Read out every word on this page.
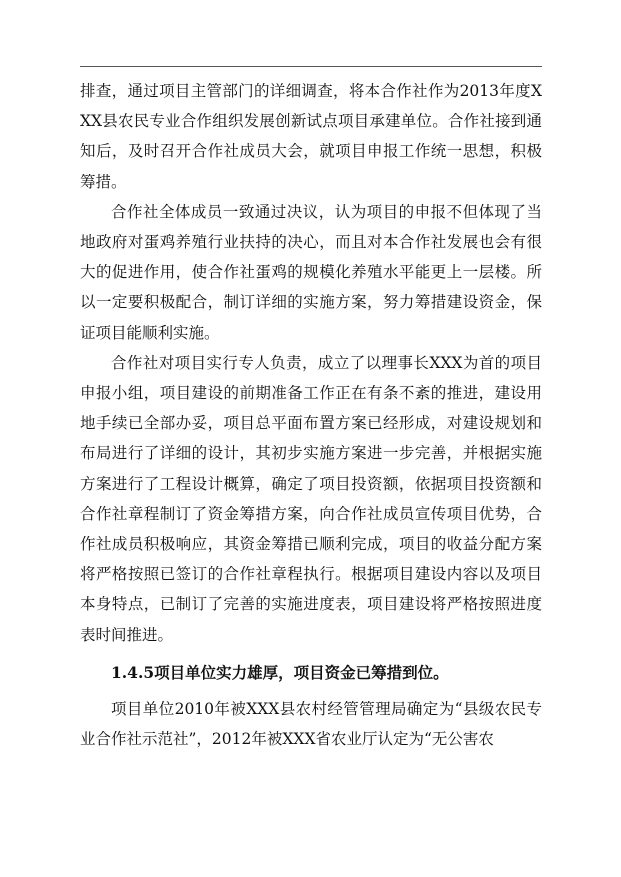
排查，通过项目主管部门的详细调查，将本合作社作为2013年度XXX县农民专业合作组织发展创新试点项目承建单位。合作社接到通知后，及时召开合作社成员大会，就项目申报工作统一思想，积极筹措。

合作社全体成员一致通过决议，认为项目的申报不但体现了当地政府对蛋鸡养殖行业扶持的决心，而且对本合作社发展也会有很大的促进作用，使合作社蛋鸡的规模化养殖水平能更上一层楼。所以一定要积极配合，制订详细的实施方案，努力筹措建设资金，保证项目能顺利实施。

合作社对项目实行专人负责，成立了以理事长XXX为首的项目申报小组，项目建设的前期准备工作正在有条不紊的推进，建设用地手续已全部办妥，项目总平面布置方案已经形成，对建设规划和布局进行了详细的设计，其初步实施方案进一步完善，并根据实施方案进行了工程设计概算，确定了项目投资额，依据项目投资额和合作社章程制订了资金筹措方案，向合作社成员宣传项目优势，合作社成员积极响应，其资金筹措已顺利完成，项目的收益分配方案将严格按照已签订的合作社章程执行。根据项目建设内容以及项目本身特点，已制订了完善的实施进度表，项目建设将严格按照进度表时间推进。

1.4.5项目单位实力雄厚，项目资金已筹措到位。

项目单位2010年被XXX县农村经管管理局确定为“县级农民专业合作社示范社”，2012年被XXX省农业厅认定为“无公害农
